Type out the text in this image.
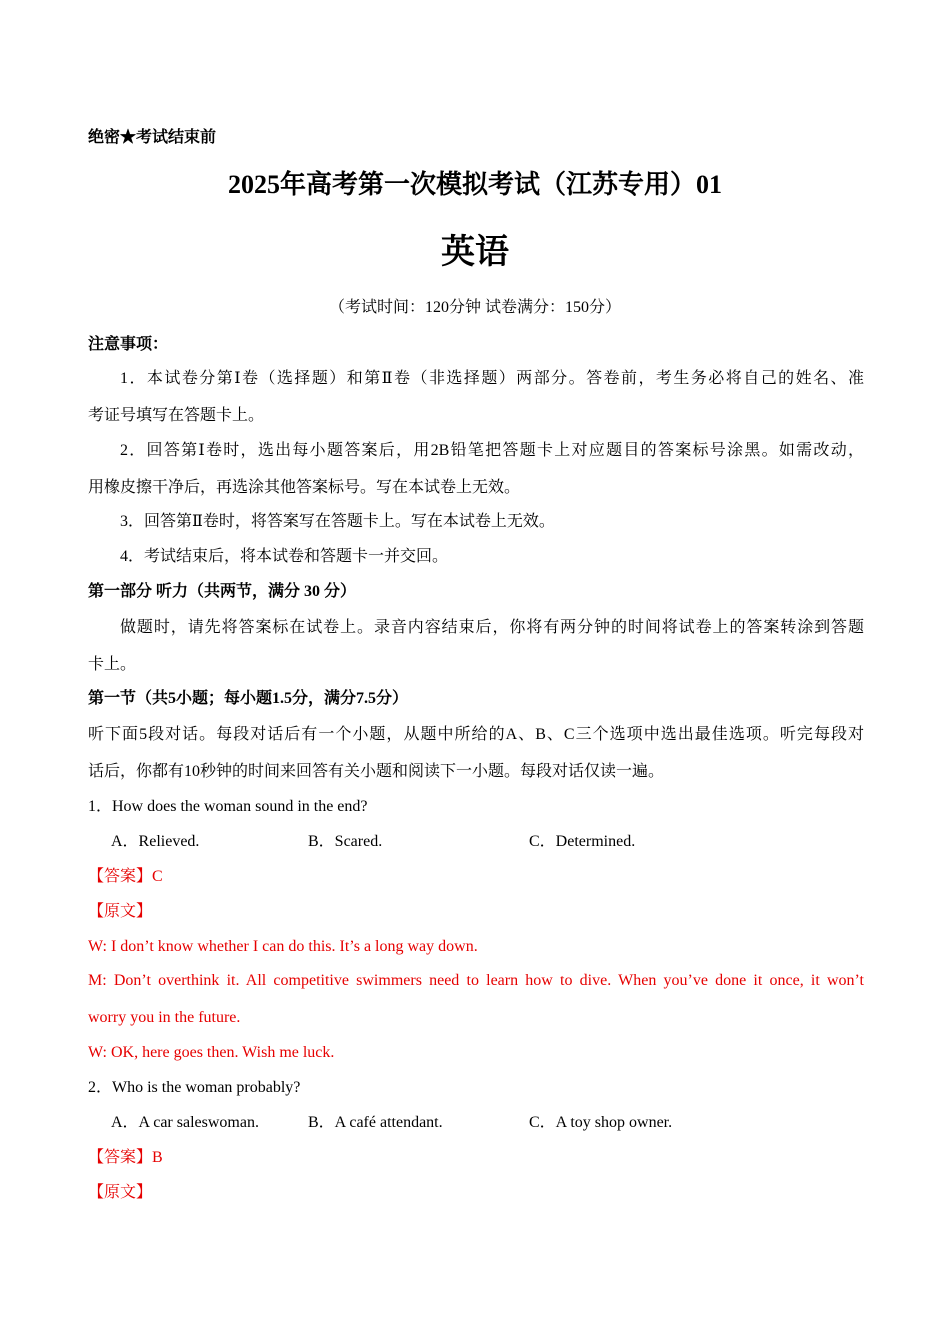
绝密★考试结束前
2025年高考第一次模拟考试（江苏专用）01
英语
（考试时间：120分钟 试卷满分：150分）
注意事项：
1．本试卷分第Ⅰ卷（选择题）和第Ⅱ卷（非选择题）两部分。答卷前，考生务必将自己的姓名、准
考证号填写在答题卡上。
2．回答第Ⅰ卷时，选出每小题答案后，用2B铅笔把答题卡上对应题目的答案标号涂黑。如需改动，
用橡皮擦干净后，再选涂其他答案标号。写在本试卷上无效。
3．回答第Ⅱ卷时，将答案写在答题卡上。写在本试卷上无效。
4．考试结束后，将本试卷和答题卡一并交回。
第一部分 听力（共两节，满分 30 分）
做题时，请先将答案标在试卷上。录音内容结束后，你将有两分钟的时间将试卷上的答案转涂到答题
卡上。
第一节（共5小题；每小题1.5分，满分7.5分）
听下面5段对话。每段对话后有一个小题，从题中所给的A、B、C三个选项中选出最佳选项。听完每段对
话后，你都有10秒钟的时间来回答有关小题和阅读下一小题。每段对话仅读一遍。
1．How does the woman sound in the end?
A．Relieved.	B．Scared.	C．Determined.
【答案】C
【原文】
W: I don’t know whether I can do this. It’s a long way down.
M: Don’t overthink it. All competitive swimmers need to learn how to dive. When you’ve done it once, it won’t
worry you in the future.
W: OK, here goes then. Wish me luck.
2．Who is the woman probably?
A．A car saleswoman.	B．A café attendant.	C．A toy shop owner.
【答案】B
【原文】
